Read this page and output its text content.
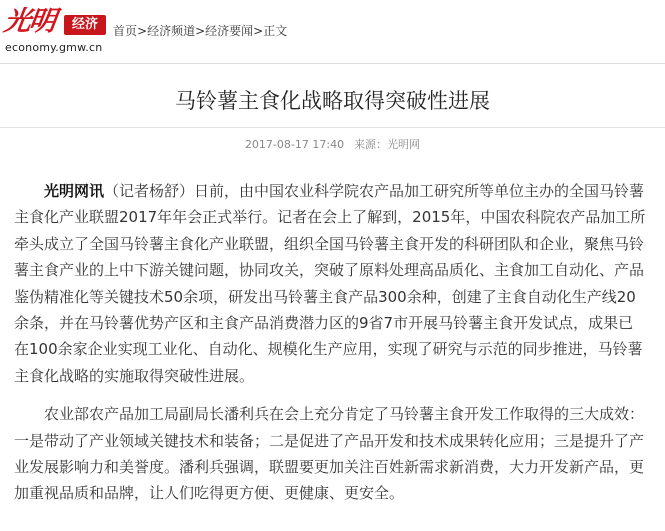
光明	经济
economy.gmw.cn
首页>经济频道>经济要闻>正文
马铃薯主食化战略取得突破性进展
2017-08-17 17:40 来源：光明网

光明网讯（记者杨舒）日前，由中国农业科学院农产品加工研究所等单位主办的全国马铃薯主食化产业联盟2017年年会正式举行。记者在会上了解到，2015年，中国农科院农产品加工所牵头成立了全国马铃薯主食化产业联盟，组织全国马铃薯主食开发的科研团队和企业，聚焦马铃薯主食产业的上中下游关键问题，协同攻关，突破了原料处理高品质化、主食加工自动化、产品鉴伪精准化等关键技术50余项，研发出马铃薯主食产品300余种，创建了主食自动化生产线20余条，并在马铃薯优势产区和主食产品消费潜力区的9省7市开展马铃薯主食开发试点，成果已在100余家企业实现工业化、自动化、规模化生产应用，实现了研究与示范的同步推进，马铃薯主食化战略的实施取得突破性进展。

农业部农产品加工局副局长潘利兵在会上充分肯定了马铃薯主食开发工作取得的三大成效：一是带动了产业领域关键技术和装备；二是促进了产品开发和技术成果转化应用；三是提升了产业发展影响力和美誉度。潘利兵强调，联盟要更加关注百姓新需求新消费，大力开发新产品，更加重视品质和品牌，让人们吃得更方便、更健康、更安全。
